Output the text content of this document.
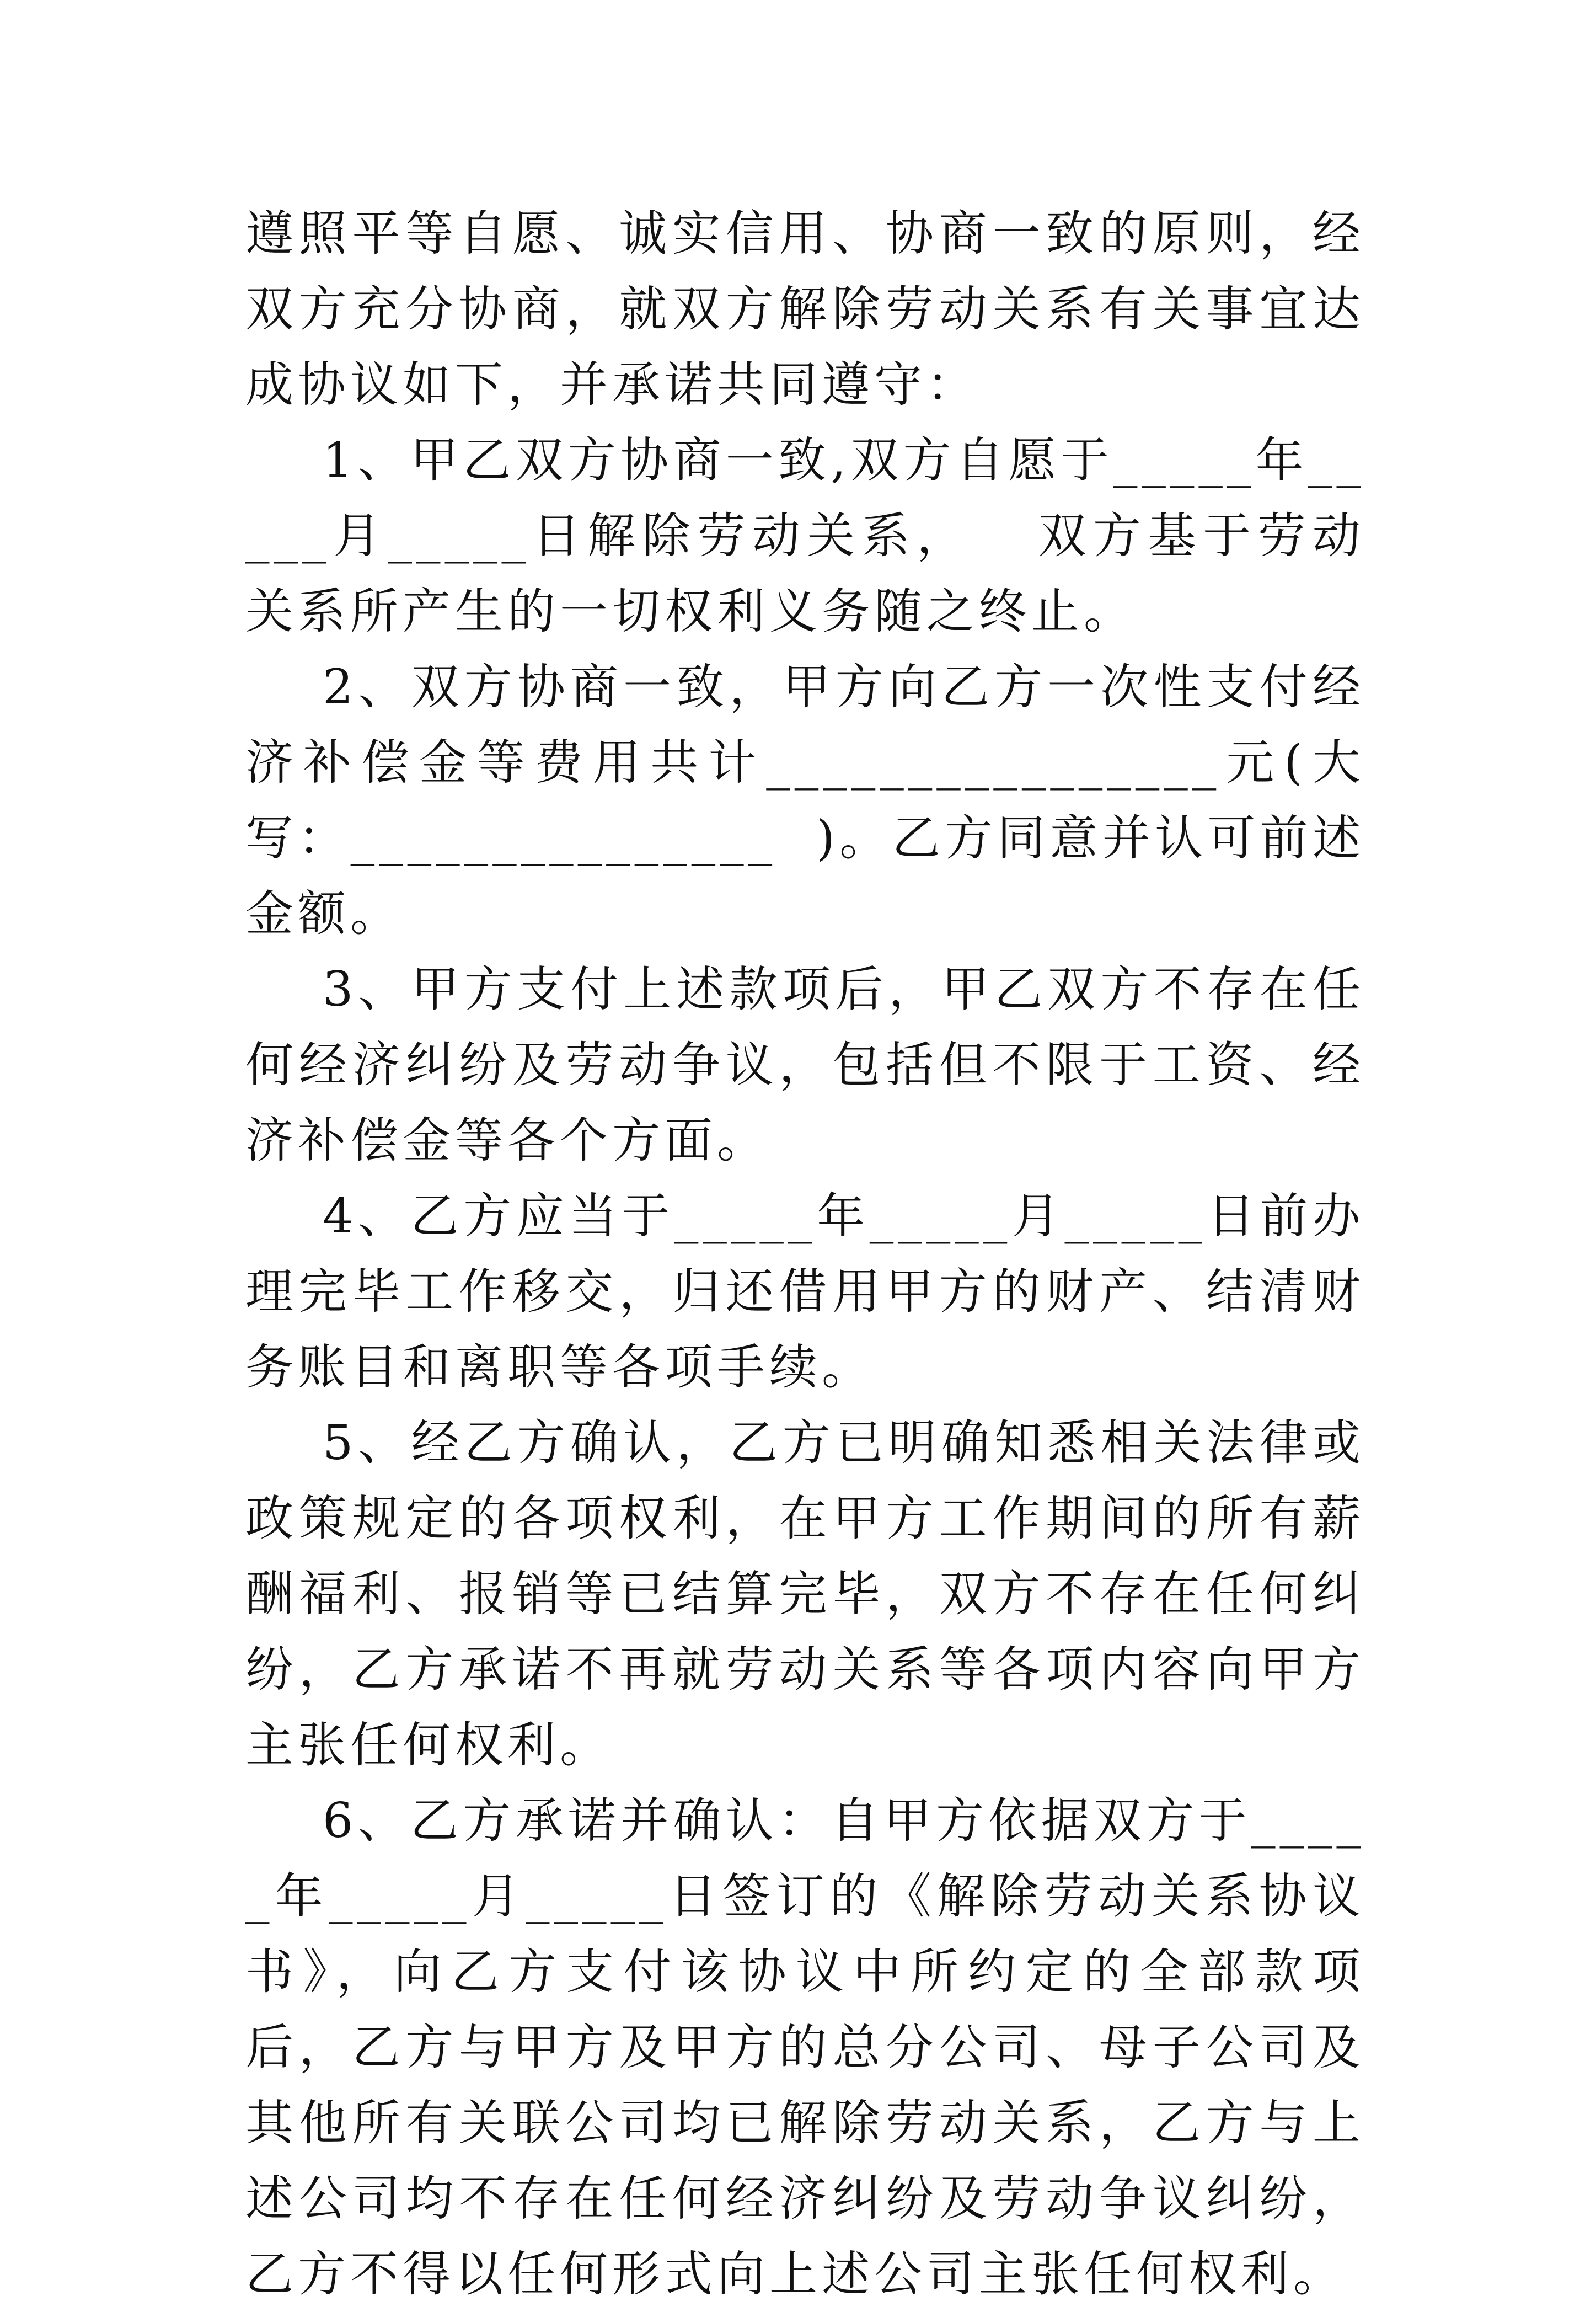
遵照平等自愿、诚实信用、协商一致的原则，经双方充分协商，就双方解除劳动关系有关事宜达成协议如下，并承诺共同遵守：

1、甲乙双方协商一致,双方自愿于_____年_____月_____日解除劳动关系，   双方基于劳动关系所产生的一切权利义务随之终止。

2、双方协商一致，甲方向乙方一次性支付经济补偿金等费用共计________________元(大写：_______________  )。乙方同意并认可前述金额。

3、甲方支付上述款项后，甲乙双方不存在任何经济纠纷及劳动争议，包括但不限于工资、经济补偿金等各个方面。

4、乙方应当于_____年_____月_____日前办理完毕工作移交，归还借用甲方的财产、结清财务账目和离职等各项手续。

5、经乙方确认，乙方已明确知悉相关法律或政策规定的各项权利，在甲方工作期间的所有薪酬福利、报销等已结算完毕，双方不存在任何纠纷，乙方承诺不再就劳动关系等各项内容向甲方主张任何权利。

6、乙方承诺并确认：自甲方依据双方于_____年_____月_____日签订的《解除劳动关系协议书》，向乙方支付该协议中所约定的全部款项后，乙方与甲方及甲方的总分公司、母子公司及其他所有关联公司均已解除劳动关系，乙方与上述公司均不存在任何经济纠纷及劳动争议纠纷，乙方不得以任何形式向上述公司主张任何权利。
